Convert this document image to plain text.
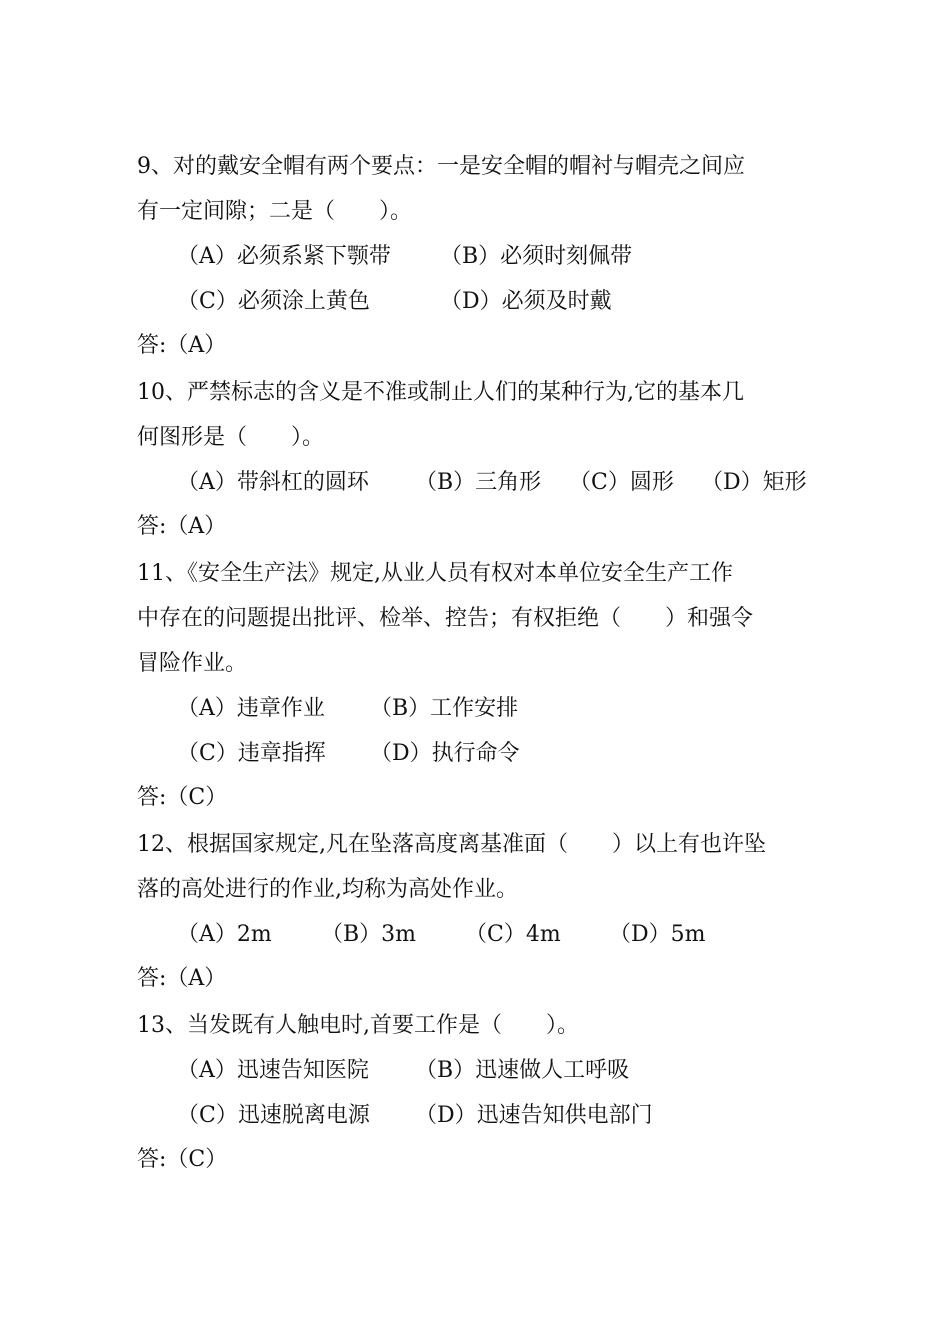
9、对的戴安全帽有两个要点：一是安全帽的帽衬与帽壳之间应
有一定间隙；二是（　　）。
（A）必须系紧下颚带 （B）必须时刻佩带
（C）必须涂上黄色	（D）必须及时戴
答:（A）
10、严禁标志的含义是不准或制止人们的某种行为,它的基本几
何图形是（　　）。
（A）带斜杠的圆环 （B）三角形 （C）圆形 （D）矩形
答:（A）
11、《安全生产法》规定,从业人员有权对本单位安全生产工作
中存在的问题提出批评、检举、控告；有权拒绝（　　）和强令
冒险作业。
（A）违章作业 （B）工作安排
（C）违章指挥 （D）执行命令
答:（C）
12、根据国家规定,凡在坠落高度离基准面（　　）以上有也许坠
落的高处进行的作业,均称为高处作业。
（A）2m （B）3m （C）4m （D）5m
答:（A）
13、当发既有人触电时,首要工作是（　　）。
（A）迅速告知医院 （B）迅速做人工呼吸
（C）迅速脱离电源 （D）迅速告知供电部门
答:（C）
